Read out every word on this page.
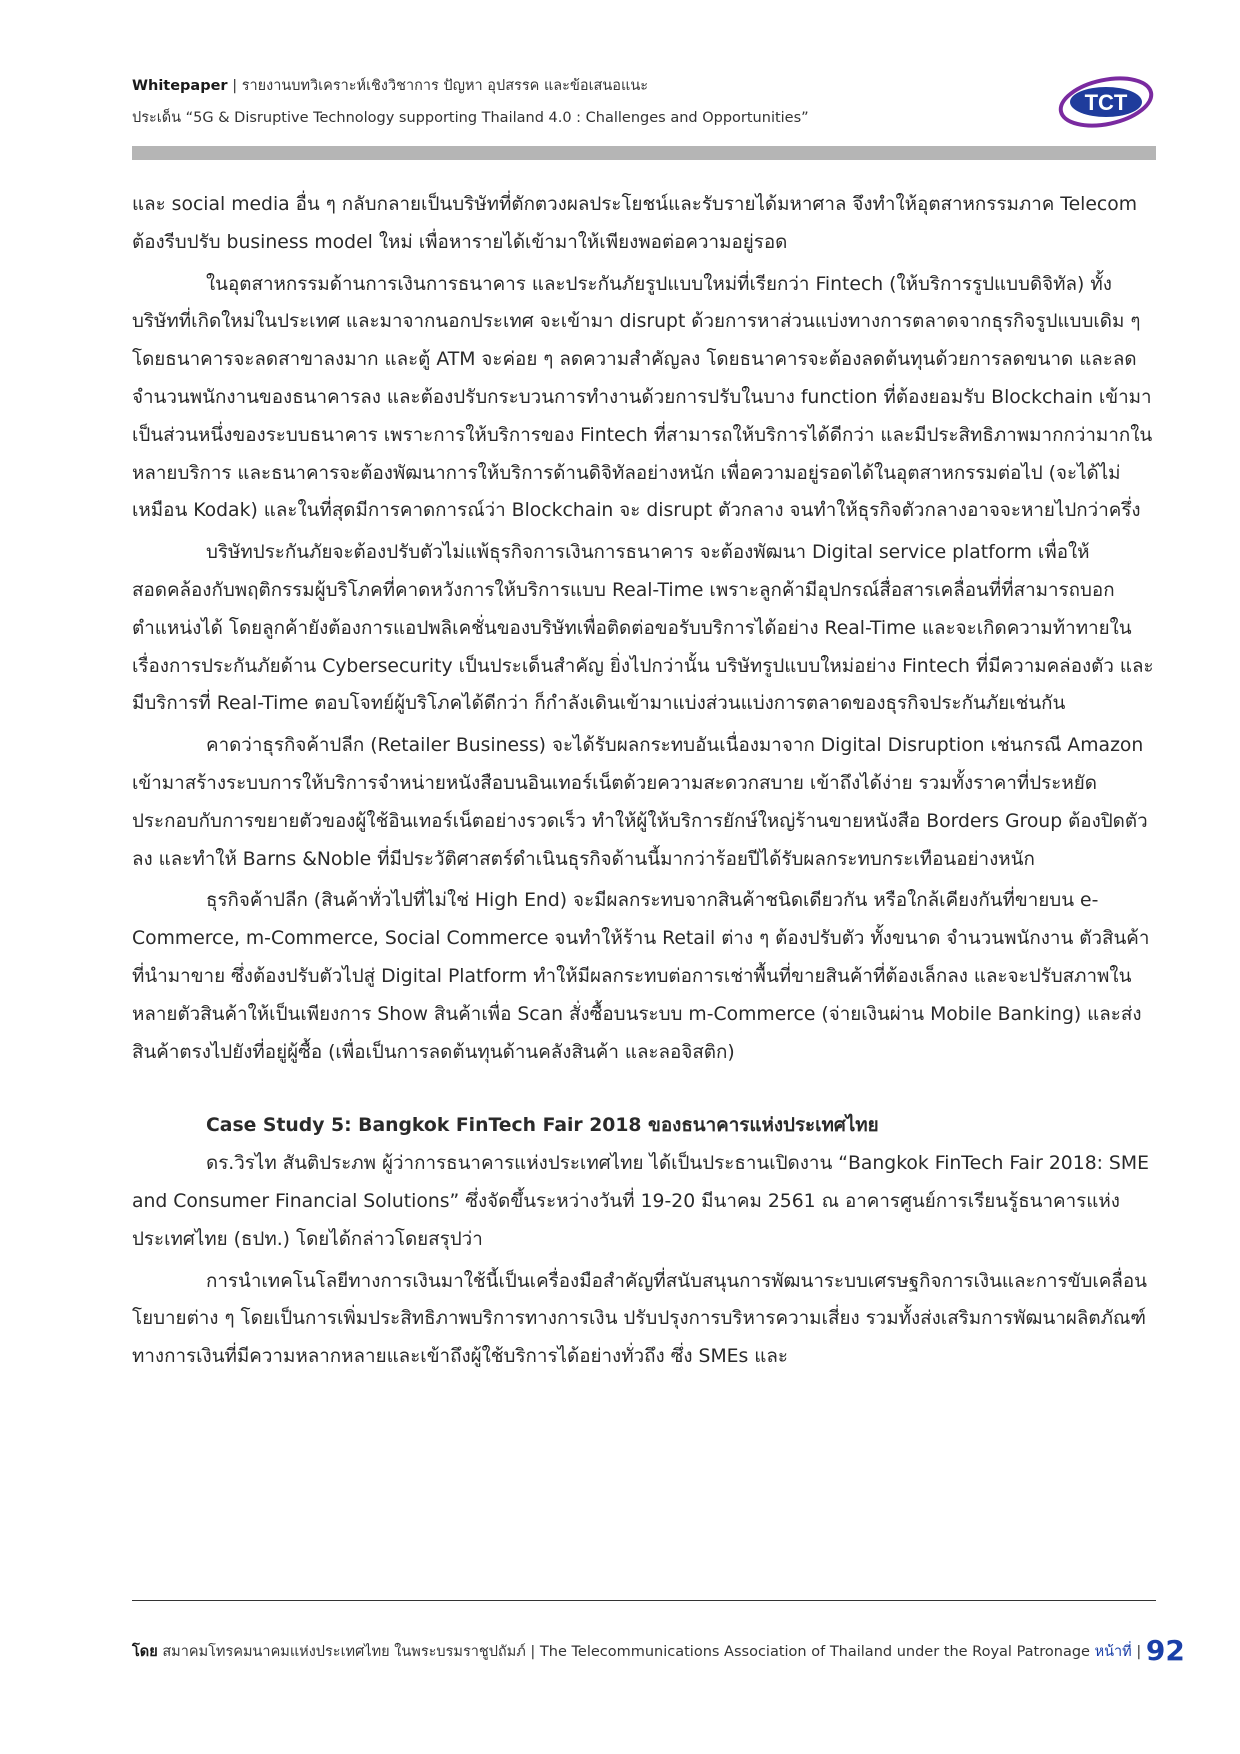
Whitepaper | รายงานบทวิเคราะห์เชิงวิชาการ ปัญหา อุปสรรค และข้อเสนอแนะ
ประเด็น “5G & Disruptive Technology supporting Thailand 4.0 : Challenges and Opportunities”
TCT

และ social media อื่น ๆ กลับกลายเป็นบริษัทที่ตักตวงผลประโยชน์และรับรายได้มหาศาล จึงทำให้อุตสาหกรรมภาค Telecom ต้องรีบปรับ business model ใหม่ เพื่อหารายได้เข้ามาให้เพียงพอต่อความอยู่รอด

ในอุตสาหกรรมด้านการเงินการธนาคาร และประกันภัยรูปแบบใหม่ที่เรียกว่า Fintech (ให้บริการรูปแบบดิจิทัล) ทั้งบริษัทที่เกิดใหม่ในประเทศ และมาจากนอกประเทศ จะเข้ามา disrupt ด้วยการหาส่วนแบ่งทางการตลาดจากธุรกิจรูปแบบเดิม ๆ โดยธนาคารจะลดสาขาลงมาก และตู้ ATM จะค่อย ๆ ลดความสำคัญลง โดยธนาคารจะต้องลดต้นทุนด้วยการลดขนาด และลดจำนวนพนักงานของธนาคารลง และต้องปรับกระบวนการทำงานด้วยการปรับในบาง function ที่ต้องยอมรับ Blockchain เข้ามาเป็นส่วนหนึ่งของระบบธนาคาร เพราะการให้บริการของ Fintech ที่สามารถให้บริการได้ดีกว่า และมีประสิทธิภาพมากกว่ามากในหลายบริการ และธนาคารจะต้องพัฒนาการให้บริการด้านดิจิทัลอย่างหนัก เพื่อความอยู่รอดได้ในอุตสาหกรรมต่อไป (จะได้ไม่เหมือน Kodak) และในที่สุดมีการคาดการณ์ว่า Blockchain จะ disrupt ตัวกลาง จนทำให้ธุรกิจตัวกลางอาจจะหายไปกว่าครึ่ง

บริษัทประกันภัยจะต้องปรับตัวไม่แพ้ธุรกิจการเงินการธนาคาร จะต้องพัฒนา Digital service platform เพื่อให้สอดคล้องกับพฤติกรรมผู้บริโภคที่คาดหวังการให้บริการแบบ Real-Time เพราะลูกค้ามีอุปกรณ์สื่อสารเคลื่อนที่ที่สามารถบอกตำแหน่งได้ โดยลูกค้ายังต้องการแอปพลิเคชั่นของบริษัทเพื่อติดต่อขอรับบริการได้อย่าง Real-Time และจะเกิดความท้าทายในเรื่องการประกันภัยด้าน Cybersecurity เป็นประเด็นสำคัญ ยิ่งไปกว่านั้น บริษัทรูปแบบใหม่อย่าง Fintech ที่มีความคล่องตัว และมีบริการที่ Real-Time ตอบโจทย์ผู้บริโภคได้ดีกว่า ก็กำลังเดินเข้ามาแบ่งส่วนแบ่งการตลาดของธุรกิจประกันภัยเช่นกัน

คาดว่าธุรกิจค้าปลีก (Retailer Business) จะได้รับผลกระทบอันเนื่องมาจาก Digital Disruption เช่นกรณี Amazon เข้ามาสร้างระบบการให้บริการจำหน่ายหนังสือบนอินเทอร์เน็ตด้วยความสะดวกสบาย เข้าถึงได้ง่าย รวมทั้งราคาที่ประหยัด ประกอบกับการขยายตัวของผู้ใช้อินเทอร์เน็ตอย่างรวดเร็ว ทำให้ผู้ให้บริการยักษ์ใหญ่ร้านขายหนังสือ Borders Group ต้องปิดตัวลง และทำให้ Barns &Noble ที่มีประวัติศาสตร์ดำเนินธุรกิจด้านนี้มากว่าร้อยปีได้รับผลกระทบกระเทือนอย่างหนัก

ธุรกิจค้าปลีก (สินค้าทั่วไปที่ไม่ใช่ High End) จะมีผลกระทบจากสินค้าชนิดเดียวกัน หรือใกล้เคียงกันที่ขายบน e-Commerce, m-Commerce, Social Commerce จนทำให้ร้าน Retail ต่าง ๆ ต้องปรับตัว ทั้งขนาด จำนวนพนักงาน ตัวสินค้าที่นำมาขาย ซึ่งต้องปรับตัวไปสู่ Digital Platform ทำให้มีผลกระทบต่อการเช่าพื้นที่ขายสินค้าที่ต้องเล็กลง และจะปรับสภาพในหลายตัวสินค้าให้เป็นเพียงการ Show สินค้าเพื่อ Scan สั่งซื้อบนระบบ m-Commerce (จ่ายเงินผ่าน Mobile Banking) และส่งสินค้าตรงไปยังที่อยู่ผู้ซื้อ (เพื่อเป็นการลดต้นทุนด้านคลังสินค้า และลอจิสติก)

Case Study 5: Bangkok FinTech Fair 2018 ของธนาคารแห่งประเทศไทย

ดร.วิรไท สันติประภพ ผู้ว่าการธนาคารแห่งประเทศไทย ได้เป็นประธานเปิดงาน “Bangkok FinTech Fair 2018: SME and Consumer Financial Solutions” ซึ่งจัดขึ้นระหว่างวันที่ 19-20 มีนาคม 2561 ณ อาคารศูนย์การเรียนรู้ธนาคารแห่งประเทศไทย (ธปท.) โดยได้กล่าวโดยสรุปว่า

การนำเทคโนโลยีทางการเงินมาใช้นี้เป็นเครื่องมือสำคัญที่สนับสนุนการพัฒนาระบบเศรษฐกิจการเงินและการขับเคลื่อนโยบายต่าง ๆ โดยเป็นการเพิ่มประสิทธิภาพบริการทางการเงิน ปรับปรุงการบริหารความเสี่ยง รวมทั้งส่งเสริมการพัฒนาผลิตภัณฑ์ทางการเงินที่มีความหลากหลายและเข้าถึงผู้ใช้บริการได้อย่างทั่วถึง ซึ่ง SMEs และ

โดย สมาคมโทรคมนาคมแห่งประเทศไทย ในพระบรมราชูปถัมภ์ | The Telecommunications Association of Thailand under the Royal Patronage หน้าที่ | 92
